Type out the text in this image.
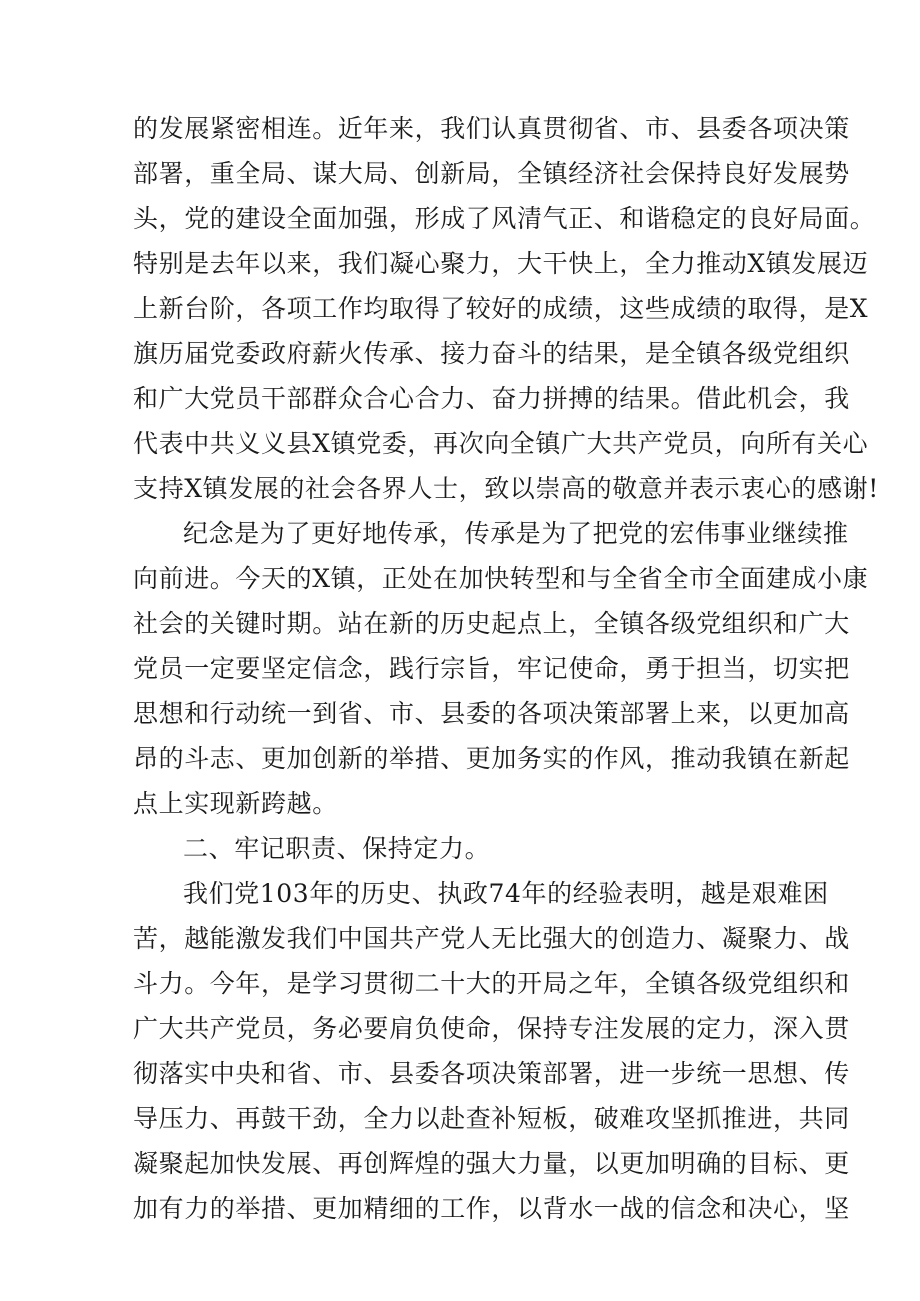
的发展紧密相连。近年来，我们认真贯彻省、市、县委各项决策
部署，重全局、谋大局、创新局，全镇经济社会保持良好发展势
头，党的建设全面加强，形成了风清气正、和谐稳定的良好局面。
特别是去年以来，我们凝心聚力，大干快上，全力推动X镇发展迈
上新台阶，各项工作均取得了较好的成绩，这些成绩的取得，是X
旗历届党委政府薪火传承、接力奋斗的结果，是全镇各级党组织
和广大党员干部群众合心合力、奋力拼搏的结果。借此机会，我
代表中共义义县X镇党委，再次向全镇广大共产党员，向所有关心
支持X镇发展的社会各界人士，致以崇高的敬意并表示衷心的感谢!
纪念是为了更好地传承，传承是为了把党的宏伟事业继续推
向前进。今天的X镇，正处在加快转型和与全省全市全面建成小康
社会的关键时期。站在新的历史起点上，全镇各级党组织和广大
党员一定要坚定信念，践行宗旨，牢记使命，勇于担当，切实把
思想和行动统一到省、市、县委的各项决策部署上来，以更加高
昂的斗志、更加创新的举措、更加务实的作风，推动我镇在新起
点上实现新跨越。
二、牢记职责、保持定力。
我们党103年的历史、执政74年的经验表明，越是艰难困
苦，越能激发我们中国共产党人无比强大的创造力、凝聚力、战
斗力。今年，是学习贯彻二十大的开局之年，全镇各级党组织和
广大共产党员，务必要肩负使命，保持专注发展的定力，深入贯
彻落实中央和省、市、县委各项决策部署，进一步统一思想、传
导压力、再鼓干劲，全力以赴查补短板，破难攻坚抓推进，共同
凝聚起加快发展、再创辉煌的强大力量，以更加明确的目标、更
加有力的举措、更加精细的工作，以背水一战的信念和决心，坚
